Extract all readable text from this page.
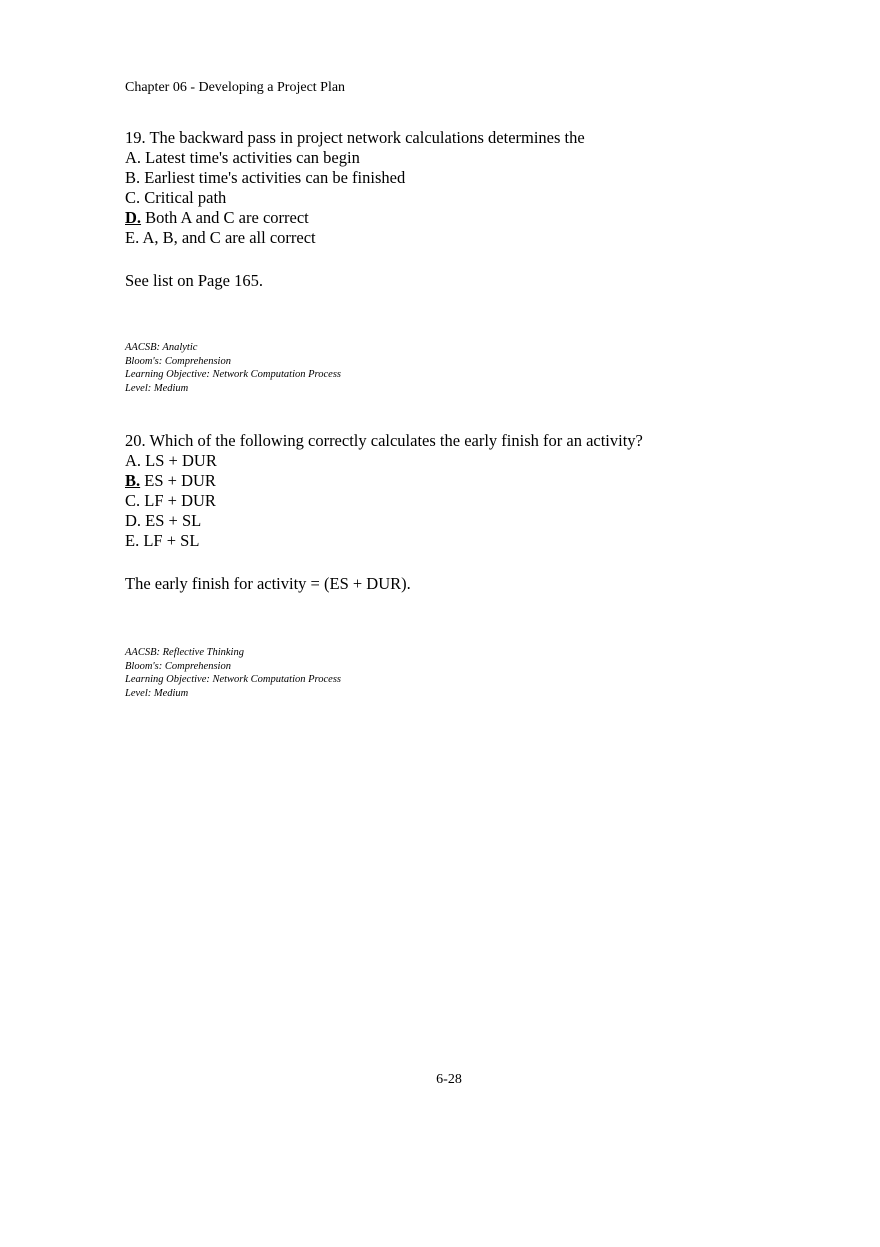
Chapter 06 - Developing a Project Plan
19. The backward pass in project network calculations determines the
A. Latest time's activities can begin
B. Earliest time's activities can be finished
C. Critical path
D. Both A and C are correct
E. A, B, and C are all correct
See list on Page 165.
AACSB: Analytic
Bloom's: Comprehension
Learning Objective: Network Computation Process
Level: Medium
20. Which of the following correctly calculates the early finish for an activity?
A. LS + DUR
B. ES + DUR
C. LF + DUR
D. ES + SL
E. LF + SL
The early finish for activity = (ES + DUR).
AACSB: Reflective Thinking
Bloom's: Comprehension
Learning Objective: Network Computation Process
Level: Medium
6-28
